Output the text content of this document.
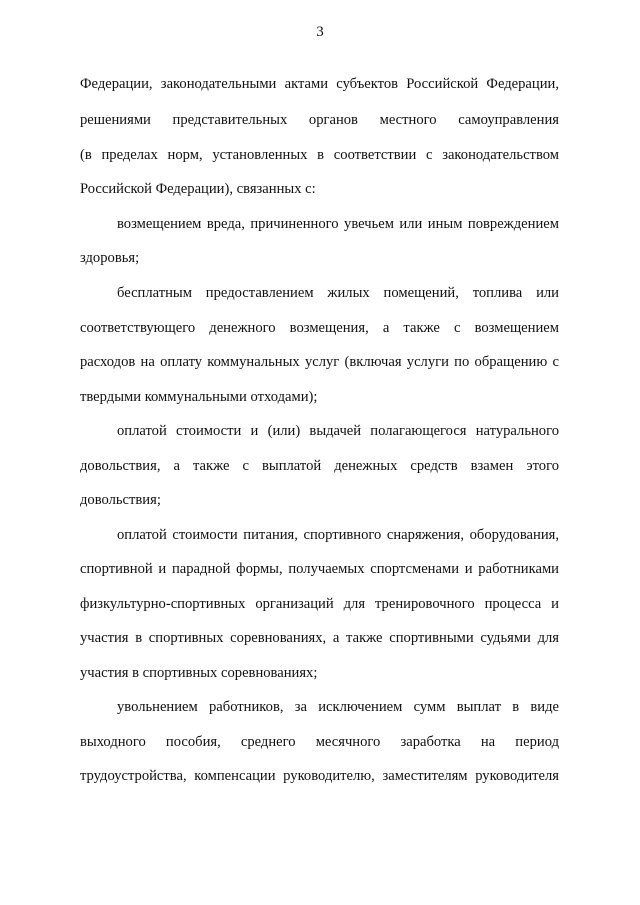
3
Федерации, законодательными актами субъектов Российской Федерации,
решениями представительных органов местного самоуправления
(в пределах норм, установленных в соответствии с законодательством
Российской Федерации), связанных с:
возмещением вреда, причиненного увечьем или иным повреждением
здоровья;
бесплатным предоставлением жилых помещений, топлива или
соответствующего денежного возмещения, а также с возмещением
расходов на оплату коммунальных услуг (включая услуги по обращению с
твердыми коммунальными отходами);
оплатой стоимости и (или) выдачей полагающегося натурального
довольствия, а также с выплатой денежных средств взамен этого
довольствия;
оплатой стоимости питания, спортивного снаряжения, оборудования,
спортивной и парадной формы, получаемых спортсменами и работниками
физкультурно-спортивных организаций для тренировочного процесса и
участия в спортивных соревнованиях, а также спортивными судьями для
участия в спортивных соревнованиях;
увольнением работников, за исключением сумм выплат в виде
выходного пособия, среднего месячного заработка на период
трудоустройства, компенсации руководителю, заместителям руководителя
